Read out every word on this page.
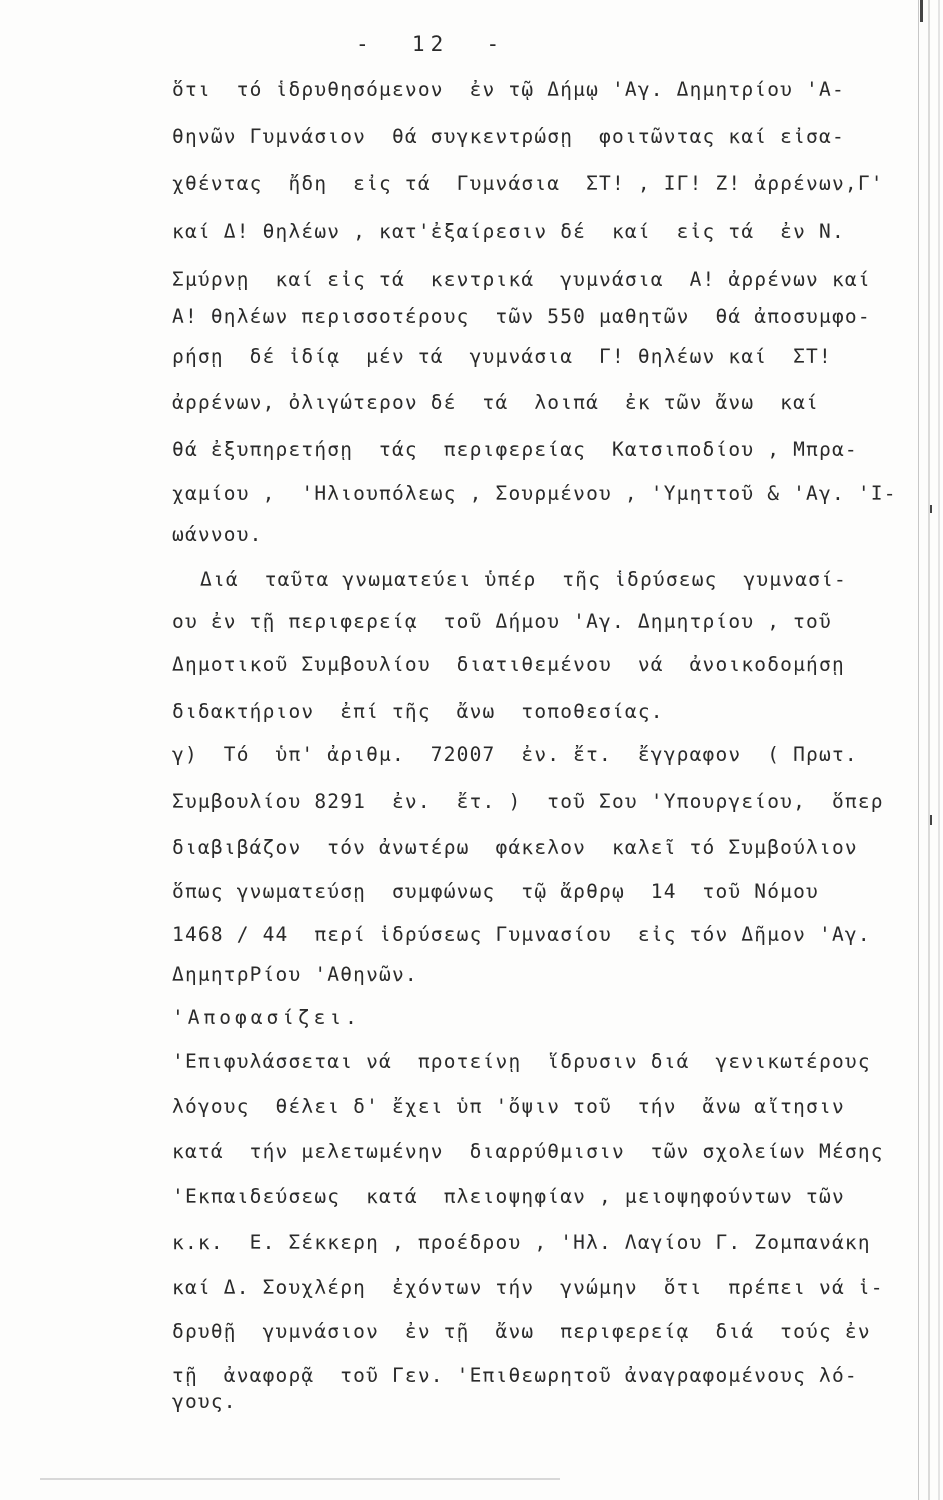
-  12  -
ὅτι  τό ἱδρυθησόμενον  ἐν τῷ Δήμῳ 'Αγ. Δημητρίου 'Α-
θηνῶν Γυμνάσιον  θά συγκεντρώσῃ  φοιτῶντας καί εἰσα-
χθέντας  ἤδη  εἰς τά  Γυμνάσια  ΣΤ! , ΙΓ! Ζ! ἀρρένων,Γ'
καί Δ! θηλέων , κατ'ἐξαίρεσιν δέ  καί  εἰς τά  ἐν Ν.
Σμύρνῃ  καί εἰς τά  κεντρικά  γυμνάσια  Α! ἀρρένων καί
Α! θηλέων περισσοτέρους  τῶν 550 μαθητῶν  θά ἀποσυμφο-
ρήσῃ  δέ ἰδίᾳ  μέν τά  γυμνάσια  Γ! θηλέων καί  ΣΤ!
ἀρρένων, ὀλιγώτερον δέ  τά  λοιπά  ἐκ τῶν ἄνω  καί
θά ἐξυπηρετήσῃ  τάς  περιφερείας  Κατσιποδίου , Μπρα-
χαμίου ,  'Ηλιουπόλεως , Σουρμένου , 'Υμηττοῦ & 'Αγ. 'Ι-
ωάννου.
Διά  ταῦτα γνωματεύει ὑπέρ  τῆς ἱδρύσεως  γυμνασί-
ου ἐν τῇ περιφερείᾳ  τοῦ Δήμου 'Αγ. Δημητρίου , τοῦ
Δημοτικοῦ Συμβουλίου  διατιθεμένου  νά  ἀνοικοδομήσῃ
διδακτήριον  ἐπί τῆς  ἄνω  τοποθεσίας.
γ)  Τό  ὑπ' ἀριθμ.  72007  ἐν. ἔτ.  ἔγγραφον  ( Πρωτ.
Συμβουλίου 8291  ἐν.  ἔτ. )  τοῦ Σου 'Υπουργείου,  ὅπερ
διαβιβάζον  τόν ἀνωτέρω  φάκελον  καλεῖ τό Συμβούλιον
ὅπως γνωματεύσῃ  συμφώνως  τῷ ἄρθρῳ  14  τοῦ Νόμου
1468 / 44  περί ἱδρύσεως Γυμνασίου  εἰς τόν Δῆμον 'Αγ.
ΔημητρΡίου 'Αθηνῶν.
'Αποφασίζει.
'Επιφυλάσσεται νά  προτείνῃ  ἵδρυσιν διά  γενικωτέρους
λόγους  θέλει δ' ἔχει ὑπ 'ὄψιν τοῦ  τήν  ἄνω αἴτησιν
κατά  τήν μελετωμένην  διαρρύθμισιν  τῶν σχολείων Μέσης
'Εκπαιδεύσεως  κατά  πλειοψηφίαν , μειοψηφούντων τῶν
κ.κ.  Ε. Σέκκερη , προέδρου , 'Ηλ. Λαγίου Γ. Ζομπανάκη
καί Δ. Σουχλέρη  ἐχόντων τήν  γνώμην  ὅτι  πρέπει νά ἱ-
δρυθῇ  γυμνάσιον  ἐν τῇ  ἄνω  περιφερείᾳ  διά  τούς ἐν
τῇ  ἀναφορᾷ  τοῦ Γεν. 'Επιθεωρητοῦ ἀναγραφομένους λό-
γους.
